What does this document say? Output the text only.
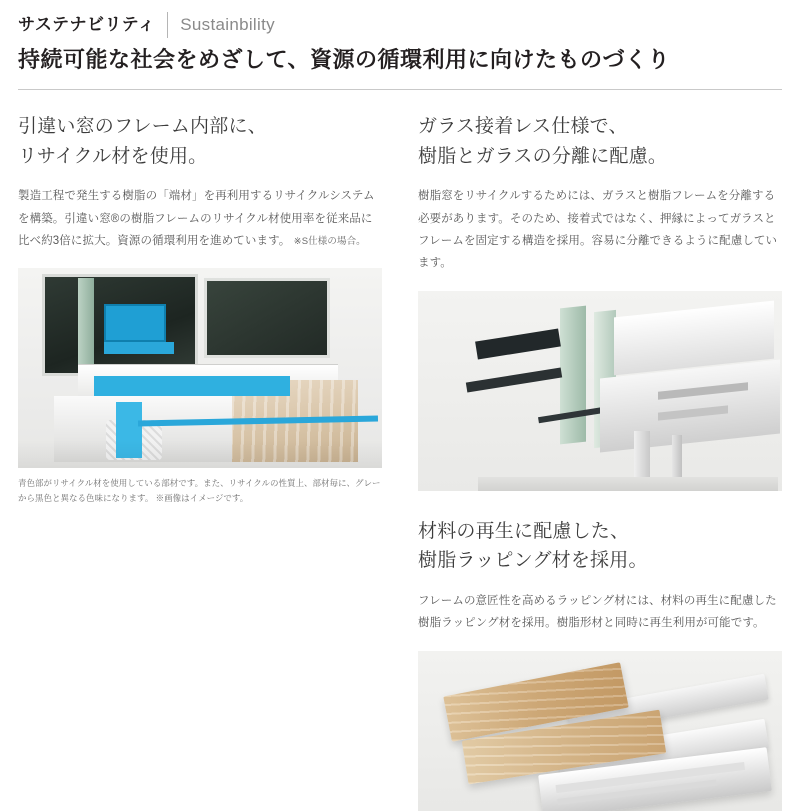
サステナビリティ Sustainbility
持続可能な社会をめざして、資源の循環利用に向けたものづくり
引違い窓のフレーム内部に、
リサイクル材を使用。

製造工程で発生する樹脂の「端材」を再利用するリサイクルシステムを構築。引違い窓®の樹脂フレームのリサイクル材使用率を従来品に比べ約3倍に拡大。資源の循環利用を進めています。 ※S仕様の場合。

青色部がリサイクル材を使用している部材です。また、リサイクルの性質上、部材毎に、グレーから黒色と異なる色味になります。 ※画像はイメージです。

ガラス接着レス仕様で、
樹脂とガラスの分離に配慮。

樹脂窓をリサイクルするためには、ガラスと樹脂フレームを分離する必要があります。そのため、接着式ではなく、押縁によってガラスとフレームを固定する構造を採用。容易に分離できるように配慮しています。

材料の再生に配慮した、
樹脂ラッピング材を採用。

フレームの意匠性を高めるラッピング材には、材料の再生に配慮した樹脂ラッピング材を採用。樹脂形材と同時に再生利用が可能です。
